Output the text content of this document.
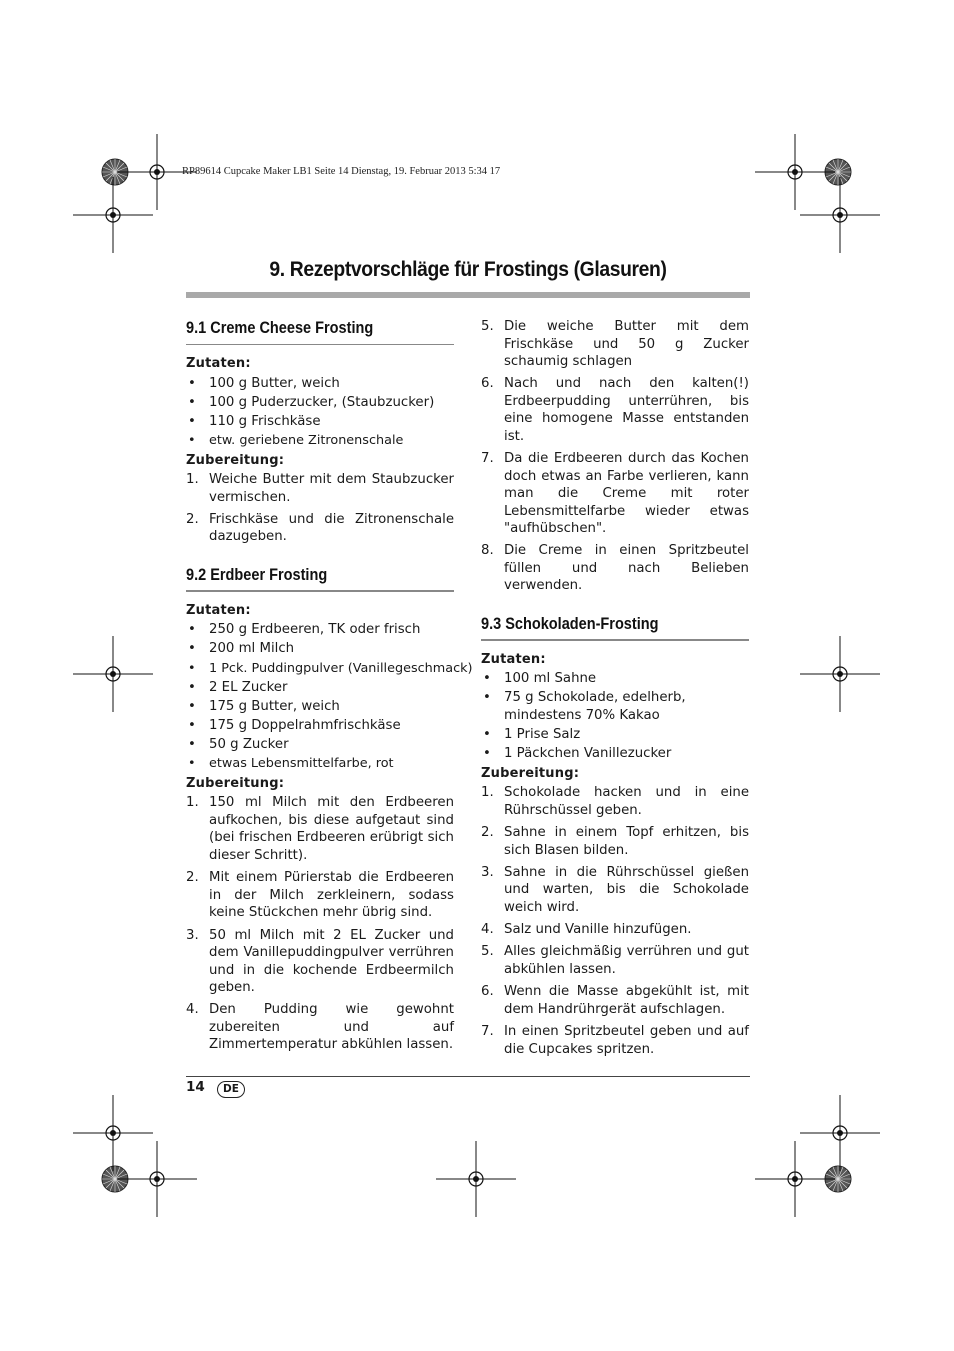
RP89614 Cupcake Maker LB1 Seite 14 Dienstag, 19. Februar 2013 5:34 17
9. Rezeptvorschläge für Frostings (Glasuren)
9.1 Creme Cheese Frosting
Zutaten:
• 100 g Butter, weich
• 100 g Puderzucker, (Staubzucker)
• 110 g Frischkäse
• etw. geriebene Zitronenschale
Zubereitung:
1. Weiche Butter mit dem Staubzucker vermischen.
2. Frischkäse und die Zitronenschale dazugeben.
9.2 Erdbeer Frosting
Zutaten:
• 250 g Erdbeeren, TK oder frisch
• 200 ml Milch
• 1 Pck. Puddingpulver (Vanillegeschmack)
• 2 EL Zucker
• 175 g Butter, weich
• 175 g Doppelrahmfrischkäse
• 50 g Zucker
• etwas Lebensmittelfarbe, rot
Zubereitung:
1. 150 ml Milch mit den Erdbeeren aufkochen, bis diese aufgetaut sind (bei frischen Erdbeeren erübrigt sich dieser Schritt).
2. Mit einem Pürierstab die Erdbeeren in der Milch zerkleinern, sodass keine Stückchen mehr übrig sind.
3. 50 ml Milch mit 2 EL Zucker und dem Vanillepuddingpulver verrühren und in die kochende Erdbeermilch geben.
4. Den Pudding wie gewohnt zubereiten und auf Zimmertemperatur abkühlen lassen.
5. Die weiche Butter mit dem Frischkäse und 50 g Zucker schaumig schlagen
6. Nach und nach den kalten(!) Erdbeerpudding unterrühren, bis eine homogene Masse entstanden ist.
7. Da die Erdbeeren durch das Kochen doch etwas an Farbe verlieren, kann man die Creme mit roter Lebensmittelfarbe wieder etwas "aufhübschen".
8. Die Creme in einen Spritzbeutel füllen und nach Belieben verwenden.
9.3 Schokoladen-Frosting
Zutaten:
• 100 ml Sahne
• 75 g Schokolade, edelherb, mindestens 70% Kakao
• 1 Prise Salz
• 1 Päckchen Vanillezucker
Zubereitung:
1. Schokolade hacken und in eine Rührschüssel geben.
2. Sahne in einem Topf erhitzen, bis sich Blasen bilden.
3. Sahne in die Rührschüssel gießen und warten, bis die Schokolade weich wird.
4. Salz und Vanille hinzufügen.
5. Alles gleichmäßig verrühren und gut abkühlen lassen.
6. Wenn die Masse abgekühlt ist, mit dem Handrührgerät aufschlagen.
7. In einen Spritzbeutel geben und auf die Cupcakes spritzen.
14	DE
